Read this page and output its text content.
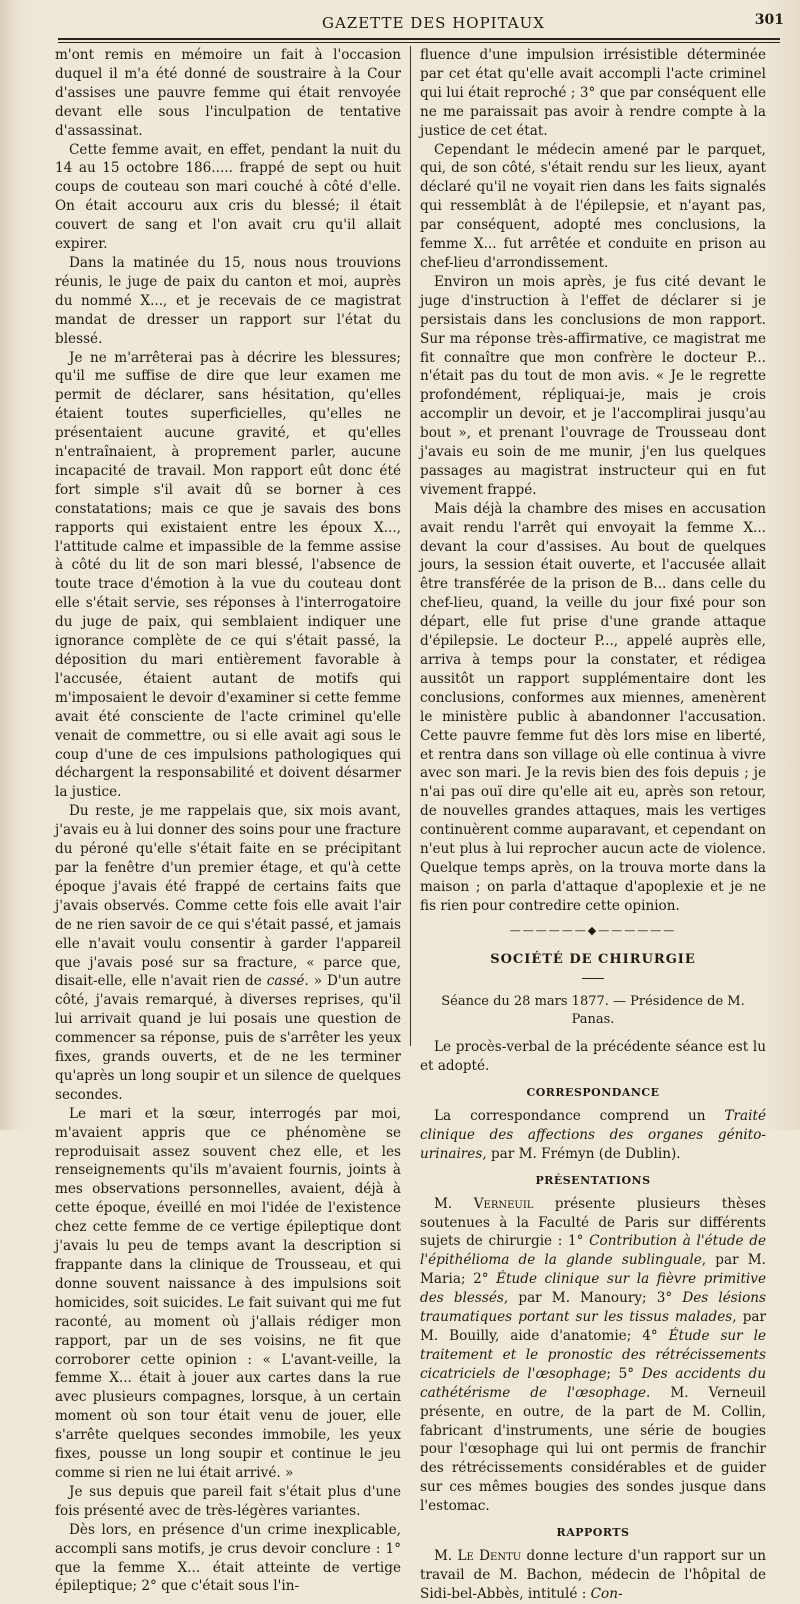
GAZETTE DES HOPITAUX	301

m'ont remis en mémoire un fait à l'occasion duquel il m'a été donné de soustraire à la Cour d'assises une pauvre femme qui était renvoyée devant elle sous l'inculpation de tentative d'assassinat.

Cette femme avait, en effet, pendant la nuit du 14 au 15 octobre 186..... frappé de sept ou huit coups de couteau son mari couché à côté d'elle. On était accouru aux cris du blessé; il était couvert de sang et l'on avait cru qu'il allait expirer.

Dans la matinée du 15, nous nous trouvions réunis, le juge de paix du canton et moi, auprès du nommé X..., et je recevais de ce magistrat mandat de dresser un rapport sur l'état du blessé.

Je ne m'arrêterai pas à décrire les blessures; qu'il me suffise de dire que leur examen me permit de déclarer, sans hésitation, qu'elles étaient toutes superficielles, qu'elles ne présentaient aucune gravité, et qu'elles n'entraînaient, à proprement parler, aucune incapacité de travail. Mon rapport eût donc été fort simple s'il avait dû se borner à ces constatations; mais ce que je savais des bons rapports qui existaient entre les époux X..., l'attitude calme et impassible de la femme assise à côté du lit de son mari blessé, l'absence de toute trace d'émotion à la vue du couteau dont elle s'était servie, ses réponses à l'interrogatoire du juge de paix, qui semblaient indiquer une ignorance complète de ce qui s'était passé, la déposition du mari entièrement favorable à l'accusée, étaient autant de motifs qui m'imposaient le devoir d'examiner si cette femme avait été consciente de l'acte criminel qu'elle venait de commettre, ou si elle avait agi sous le coup d'une de ces impulsions pathologiques qui déchargent la responsabilité et doivent désarmer la justice.

Du reste, je me rappelais que, six mois avant, j'avais eu à lui donner des soins pour une fracture du péroné qu'elle s'était faite en se précipitant par la fenêtre d'un premier étage, et qu'à cette époque j'avais été frappé de certains faits que j'avais observés. Comme cette fois elle avait l'air de ne rien savoir de ce qui s'était passé, et jamais elle n'avait voulu consentir à garder l'appareil que j'avais posé sur sa fracture, « parce que, disait-elle, elle n'avait rien de cassé. » D'un autre côté, j'avais remarqué, à diverses reprises, qu'il lui arrivait quand je lui posais une question de commencer sa réponse, puis de s'arrêter les yeux fixes, grands ouverts, et de ne les terminer qu'après un long soupir et un silence de quelques secondes.

Le mari et la sœur, interrogés par moi, m'avaient appris que ce phénomène se reproduisait assez souvent chez elle, et les renseignements qu'ils m'avaient fournis, joints à mes observations personnelles, avaient, déjà à cette époque, éveillé en moi l'idée de l'existence chez cette femme de ce vertige épileptique dont j'avais lu peu de temps avant la description si frappante dans la clinique de Trousseau, et qui donne souvent naissance à des impulsions soit homicides, soit suicides. Le fait suivant qui me fut raconté, au moment où j'allais rédiger mon rapport, par un de ses voisins, ne fit que corroborer cette opinion : « L'avant-veille, la femme X... était à jouer aux cartes dans la rue avec plusieurs compagnes, lorsque, à un certain moment où son tour était venu de jouer, elle s'arrête quelques secondes immobile, les yeux fixes, pousse un long soupir et continue le jeu comme si rien ne lui était arrivé. »

Je sus depuis que pareil fait s'était plus d'une fois présenté avec de très-légères variantes.

Dès lors, en présence d'un crime inexplicable, accompli sans motifs, je crus devoir conclure : 1° que la femme X... était atteinte de vertige épileptique; 2° que c'était sous l'in-

fluence d'une impulsion irrésistible déterminée par cet état qu'elle avait accompli l'acte criminel qui lui était reproché ; 3° que par conséquent elle ne me paraissait pas avoir à rendre compte à la justice de cet état.

Cependant le médecin amené par le parquet, qui, de son côté, s'était rendu sur les lieux, ayant déclaré qu'il ne voyait rien dans les faits signalés qui ressemblât à de l'épilepsie, et n'ayant pas, par conséquent, adopté mes conclusions, la femme X... fut arrêtée et conduite en prison au chef-lieu d'arrondissement.

Environ un mois après, je fus cité devant le juge d'instruction à l'effet de déclarer si je persistais dans les conclusions de mon rapport. Sur ma réponse très-affirmative, ce magistrat me fit connaître que mon confrère le docteur P... n'était pas du tout de mon avis. « Je le regrette profondément, répliquai-je, mais je crois accomplir un devoir, et je l'accomplirai jusqu'au bout », et prenant l'ouvrage de Trousseau dont j'avais eu soin de me munir, j'en lus quelques passages au magistrat instructeur qui en fut vivement frappé.

Mais déjà la chambre des mises en accusation avait rendu l'arrêt qui envoyait la femme X... devant la cour d'assises. Au bout de quelques jours, la session était ouverte, et l'accusée allait être transférée de la prison de B... dans celle du chef-lieu, quand, la veille du jour fixé pour son départ, elle fut prise d'une grande attaque d'épilepsie. Le docteur P..., appelé auprès elle, arriva à temps pour la constater, et rédigea aussitôt un rapport supplémentaire dont les conclusions, conformes aux miennes, amenèrent le ministère public à abandonner l'accusation. Cette pauvre femme fut dès lors mise en liberté, et rentra dans son village où elle continua à vivre avec son mari. Je la revis bien des fois depuis ; je n'ai pas ouï dire qu'elle ait eu, après son retour, de nouvelles grandes attaques, mais les vertiges continuèrent comme auparavant, et cependant on n'eut plus à lui reprocher aucun acte de violence. Quelque temps après, on la trouva morte dans la maison ; on parla d'attaque d'apoplexie et je ne fis rien pour contredire cette opinion.

——————◆——————
SOCIÉTÉ DE CHIRURGIE
Séance du 28 mars 1877. — Présidence de M. Panas.

Le procès-verbal de la précédente séance est lu et adopté.

CORRESPONDANCE

La correspondance comprend un Traité clinique des affections des organes génito-urinaires, par M. Frémyn (de Dublin).

PRÉSENTATIONS

M. Verneuil présente plusieurs thèses soutenues à la Faculté de Paris sur différents sujets de chirurgie : 1° Contribution à l'étude de l'épithélioma de la glande sublinguale, par M. Maria; 2° Étude clinique sur la fièvre primitive des blessés, par M. Manoury; 3° Des lésions traumatiques portant sur les tissus malades, par M. Bouilly, aide d'anatomie; 4° Étude sur le traitement et le pronostic des rétrécissements cicatriciels de l'œsophage; 5° Des accidents du cathétérisme de l'œsophage. M. Verneuil présente, en outre, de la part de M. Collin, fabricant d'instruments, une série de bougies pour l'œsophage qui lui ont permis de franchir des rétrécissements considérables et de guider sur ces mêmes bougies des sondes jusque dans l'estomac.

RAPPORTS

M. Le Dentu donne lecture d'un rapport sur un travail de M. Bachon, médecin de l'hôpital de Sidi-bel-Abbès, intitulé : Con-
